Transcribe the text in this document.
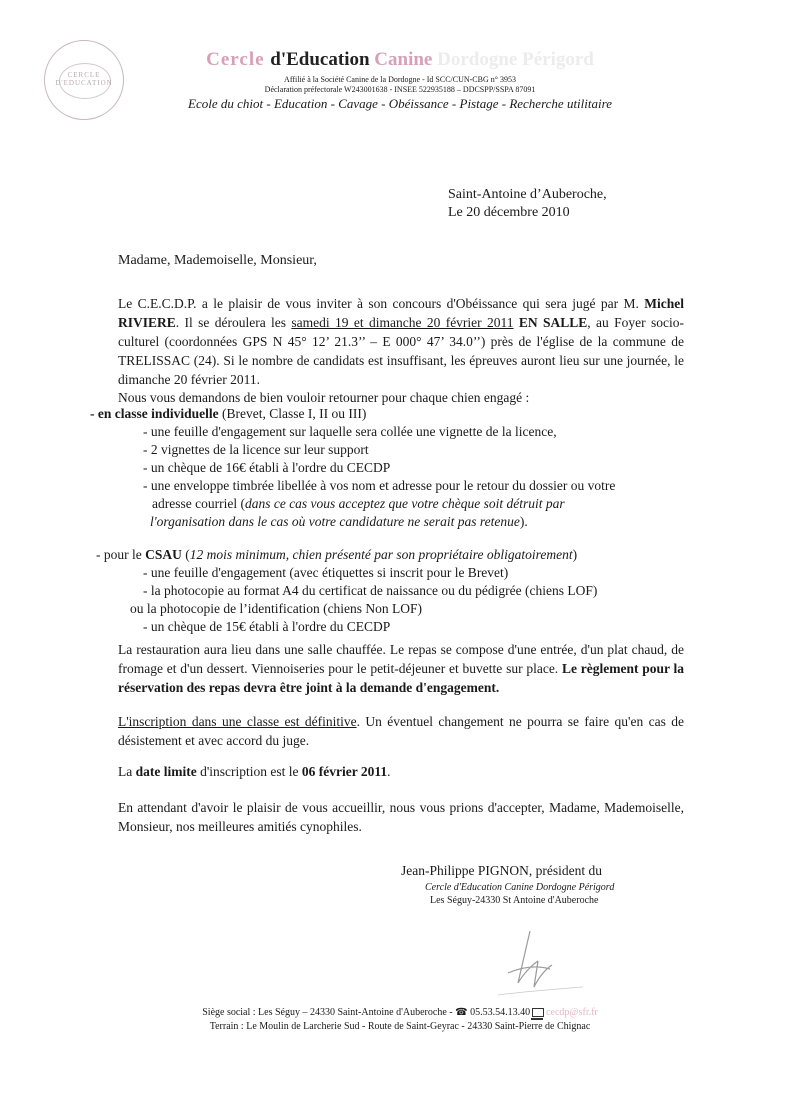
CERCLE D'EDUCATION
Cercle d'Education Canine Dordogne Périgord
Affilié à la Société Canine de la Dordogne - Id SCC/CUN-CBG n° 3953
Déclaration préfectorale W243001638 - INSEE 522935188 – DDCSPP/SSPA 87091
Ecole du chiot - Education - Cavage - Obéissance - Pistage - Recherche utilitaire
Saint-Antoine d’Auberoche,
Le 20 décembre 2010
Madame, Mademoiselle, Monsieur,
Le C.E.C.D.P. a le plaisir de vous inviter à son concours d'Obéissance qui sera jugé par M. Michel RIVIERE. Il se déroulera les samedi 19 et dimanche 20 février 2011 EN SALLE, au Foyer socio-culturel (coordonnées GPS N 45° 12’ 21.3’’ – E 000° 47’ 34.0’’) près de l'église de la commune de TRELISSAC (24). Si le nombre de candidats est insuffisant, les épreuves auront lieu sur une journée, le dimanche 20 février 2011.
Nous vous demandons de bien vouloir retourner pour chaque chien engagé :
- en classe individuelle (Brevet, Classe I, II ou III)
- une feuille d'engagement sur laquelle sera collée une vignette de la licence,
- 2 vignettes de la licence sur leur support
- un chèque de 16€ établi à l'ordre du CECDP
- une enveloppe timbrée libellée à vos nom et adresse pour le retour du dossier ou votre
adresse courriel (dans ce cas vous acceptez que votre chèque soit détruit par
l'organisation dans le cas où votre candidature ne serait pas retenue).
- pour le CSAU (12 mois minimum, chien présenté par son propriétaire obligatoirement)
- une feuille d'engagement (avec étiquettes si inscrit pour le Brevet)
- la photocopie au format A4 du certificat de naissance ou du pédigrée (chiens LOF)
ou la photocopie de l’identification (chiens Non LOF)
- un chèque de 15€ établi à l'ordre du CECDP
La restauration aura lieu dans une salle chauffée. Le repas se compose d'une entrée, d'un plat chaud, de fromage et d'un dessert. Viennoiseries pour le petit-déjeuner et buvette sur place. Le règlement pour la réservation des repas devra être joint à la demande d'engagement.
L'inscription dans une classe est définitive. Un éventuel changement ne pourra se faire qu'en cas de désistement et avec accord du juge.
La date limite d'inscription est le 06 février 2011.
En attendant d'avoir le plaisir de vous accueillir, nous vous prions d'accepter, Madame, Mademoiselle, Monsieur, nos meilleures amitiés cynophiles.
Jean-Philippe PIGNON, président du
Cercle d'Education Canine Dordogne Périgord
Les Séguy-24330 St Antoine d'Auberoche
Siège social : Les Séguy – 24330 Saint-Antoine d'Auberoche - ☎ 05.53.54.13.40 cecdp@sfr.fr
Terrain : Le Moulin de Larcherie Sud - Route de Saint-Geyrac - 24330 Saint-Pierre de Chignac
